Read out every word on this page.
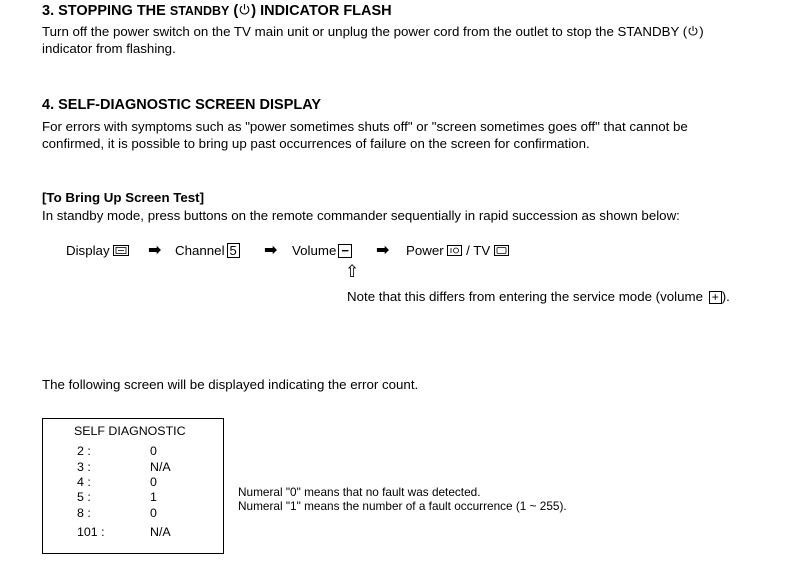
3. STOPPING THE STANDBY ( ) INDICATOR FLASH
Turn off the power switch on the TV main unit or unplug the power cord from the outlet to stop the STANDBY ( )
indicator from flashing.
4. SELF-DIAGNOSTIC SCREEN DISPLAY
For errors with symptoms such as "power sometimes shuts off" or "screen sometimes goes off" that cannot be
confirmed, it is possible to bring up past occurrences of failure on the screen for confirmation.
[To Bring Up Screen Test]
In standby mode, press buttons on the remote commander sequentially in rapid succession as shown below:
Display	➡ Channel 5 ➡ Volume − ➡ Power  / TV
⇧
Note that this differs from entering the service mode (volume + ).
The following screen will be displayed indicating the error count.
SELF DIAGNOSTIC
2 :	0
3 :	N/A
4 :	0
5 :	1
8 :	0
101 :	N/A
Numeral "0" means that no fault was detected.
Numeral "1" means the number of a fault occurrence (1 ~ 255).
